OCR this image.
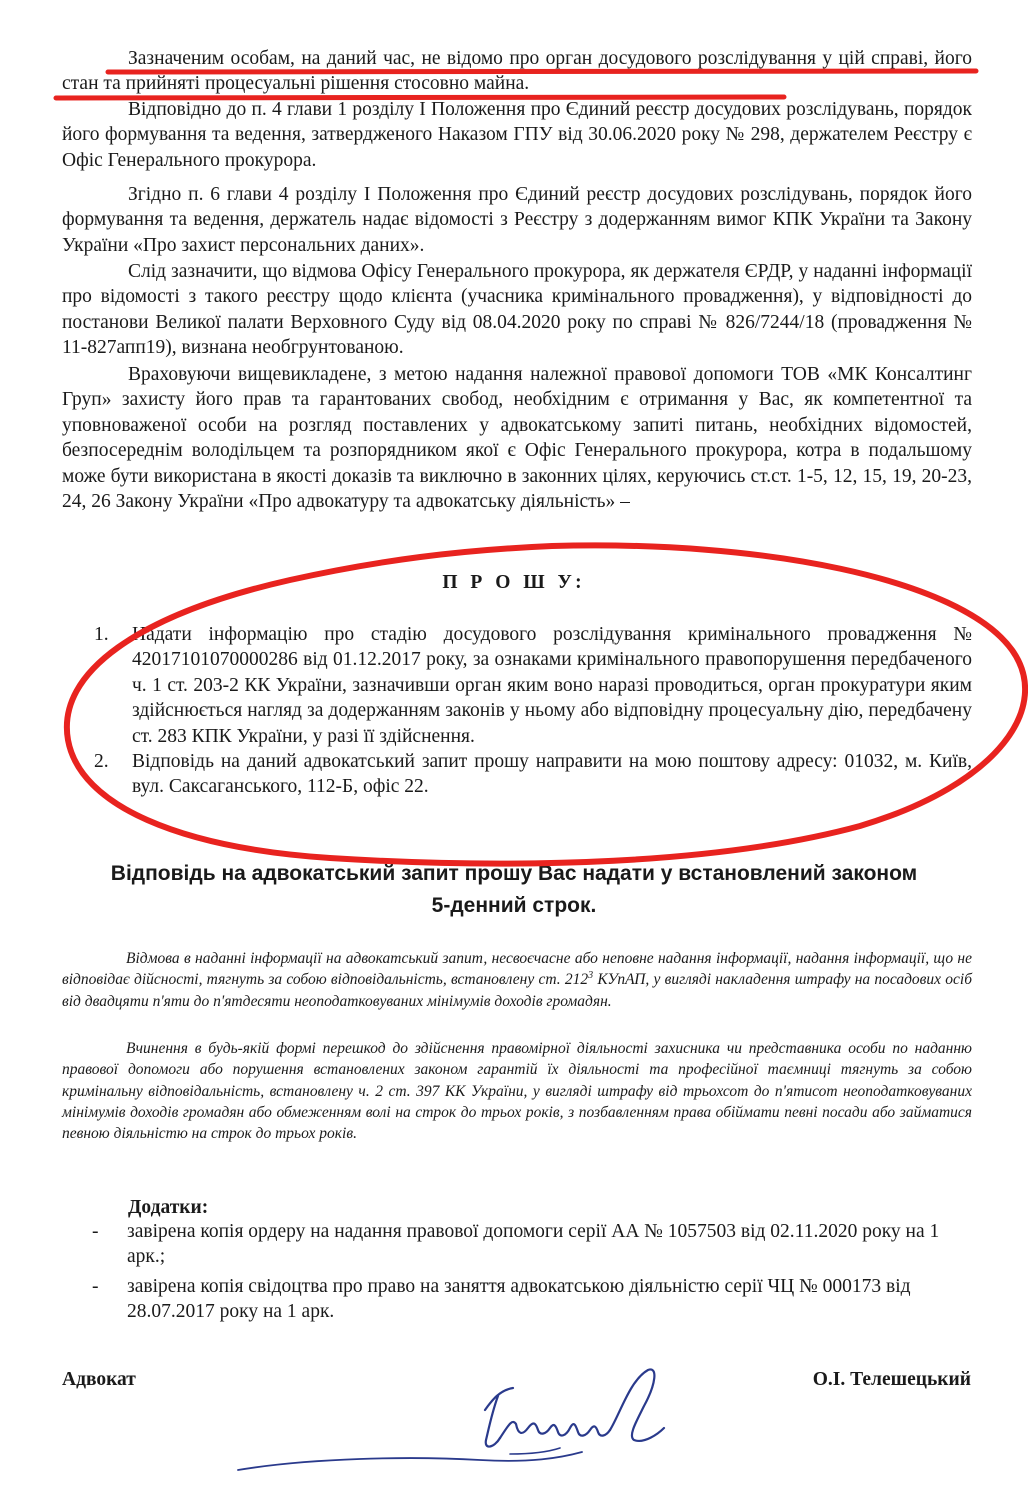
Зазначеним особам, на даний час, не відомо про орган досудового розслідування у цій справі, його стан та прийняті процесуальні рішення стосовно майна.

Відповідно до п. 4 глави 1 розділу І Положення про Єдиний реєстр досудових розслідувань, порядок його формування та ведення, затвердженого Наказом ГПУ від 30.06.2020 року № 298, держателем Реєстру є Офіс Генерального прокурора.

Згідно п. 6 глави 4 розділу І Положення про Єдиний реєстр досудових розслідувань, порядок його формування та ведення, держатель надає відомості з Реєстру з додержанням вимог КПК України та Закону України «Про захист персональних даних».

Слід зазначити, що відмова Офісу Генерального прокурора, як держателя ЄРДР, у наданні інформації про відомості з такого реєстру щодо клієнта (учасника кримінального провадження), у відповідності до постанови Великої палати Верховного Суду від 08.04.2020 року по справі № 826/7244/18 (провадження № 11-827апп19), визнана необгрунтованою.

Враховуючи вищевикладене, з метою надання належної правової допомоги ТОВ «МК Консалтинг Груп» захисту його прав та гарантованих свобод, необхідним є отримання у Вас, як компетентної та уповноваженої особи на розгляд поставлених у адвокатському запиті питань, необхідних відомостей, безпосереднім володільцем та розпорядником якої є Офіс Генерального прокурора, котра в подальшому може бути використана в якості доказів та виключно в законних цілях, керуючись ст.ст. 1-5, 12, 15, 19, 20-23, 24, 26 Закону України «Про адвокатуру та адвокатську діяльність» –

П Р О Ш У:

1. Надати інформацію про стадію досудового розслідування кримінального провадження № 42017101070000286 від 01.12.2017 року, за ознаками кримінального правопорушення передбаченого ч. 1 ст. 203-2 КК України, зазначивши орган яким воно наразі проводиться, орган прокуратури яким здійснюється нагляд за додержанням законів у ньому або відповідну процесуальну дію, передбачену ст. 283 КПК України, у разі її здійснення.
2. Відповідь на даний адвокатський запит прошу направити на мою поштову адресу: 01032, м. Київ, вул. Саксаганського, 112-Б, офіс 22.

Відповідь на адвокатський запит прошу Вас надати у встановлений законом 5-денний строк.

Відмова в наданні інформації на адвокатський запит, несвоєчасне або неповне надання інформації, надання інформації, що не відповідає дійсності, тягнуть за собою відповідальність, встановлену ст. $212^3$ КУпАП, у вигляді накладення штрафу на посадових осіб від двадцяти п'яти до п'ятдесяти неоподатковуваних мінімумів доходів громадян.

Вчинення в будь-якій формі перешкод до здійснення правомірної діяльності захисника чи представника особи по наданню правової допомоги або порушення встановлених законом гарантій їх діяльності та професійної таємниці тягнуть за собою кримінальну відповідальність, встановлену ч. 2 ст. 397 КК України, у вигляді штрафу від трьохсот до п'ятисот неоподатковуваних мінімумів доходів громадян або обмеженням волі на строк до трьох років, з позбавленням права обіймати певні посади або займатися певною діяльністю на строк до трьох років.

Додатки:

- завірена копія ордеру на надання правової допомоги серії АА № 1057503 від 02.11.2020 року на 1 арк.;
- завірена копія свідоцтва про право на заняття адвокатською діяльністю серії ЧЦ № 000173 від 28.07.2017 року на 1 арк.

Адвокат	О.І. Телешецький
